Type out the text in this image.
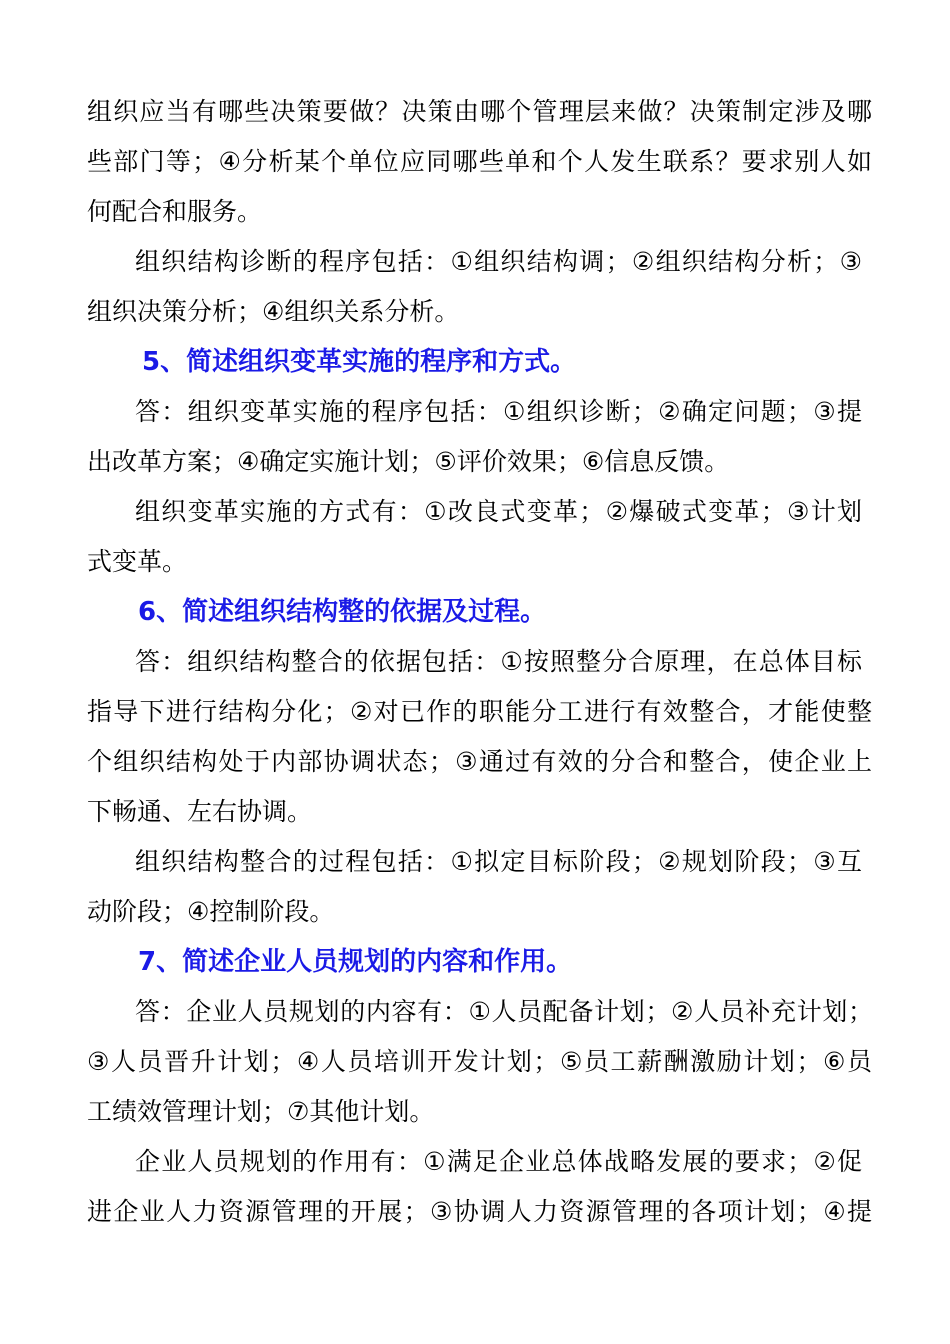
组织应当有哪些决策要做？决策由哪个管理层来做？决策制定涉及哪
些部门等；④分析某个单位应同哪些单和个人发生联系？要求别人如
何配合和服务。
组织结构诊断的程序包括：①组织结构调；②组织结构分析；③
组织决策分析；④组织关系分析。
5、简述组织变革实施的程序和方式。
答：组织变革实施的程序包括：①组织诊断；②确定问题；③提
出改革方案；④确定实施计划；⑤评价效果；⑥信息反馈。
组织变革实施的方式有：①改良式变革；②爆破式变革；③计划
式变革。
6、简述组织结构整的依据及过程。
答：组织结构整合的依据包括：①按照整分合原理，在总体目标
指导下进行结构分化；②对已作的职能分工进行有效整合，才能使整
个组织结构处于内部协调状态；③通过有效的分合和整合，使企业上
下畅通、左右协调。
组织结构整合的过程包括：①拟定目标阶段；②规划阶段；③互
动阶段；④控制阶段。
7、简述企业人员规划的内容和作用。
答：企业人员规划的内容有：①人员配备计划；②人员补充计划；
③人员晋升计划；④人员培训开发计划；⑤员工薪酬激励计划；⑥员
工绩效管理计划；⑦其他计划。
企业人员规划的作用有：①满足企业总体战略发展的要求；②促
进企业人力资源管理的开展；③协调人力资源管理的各项计划；④提
